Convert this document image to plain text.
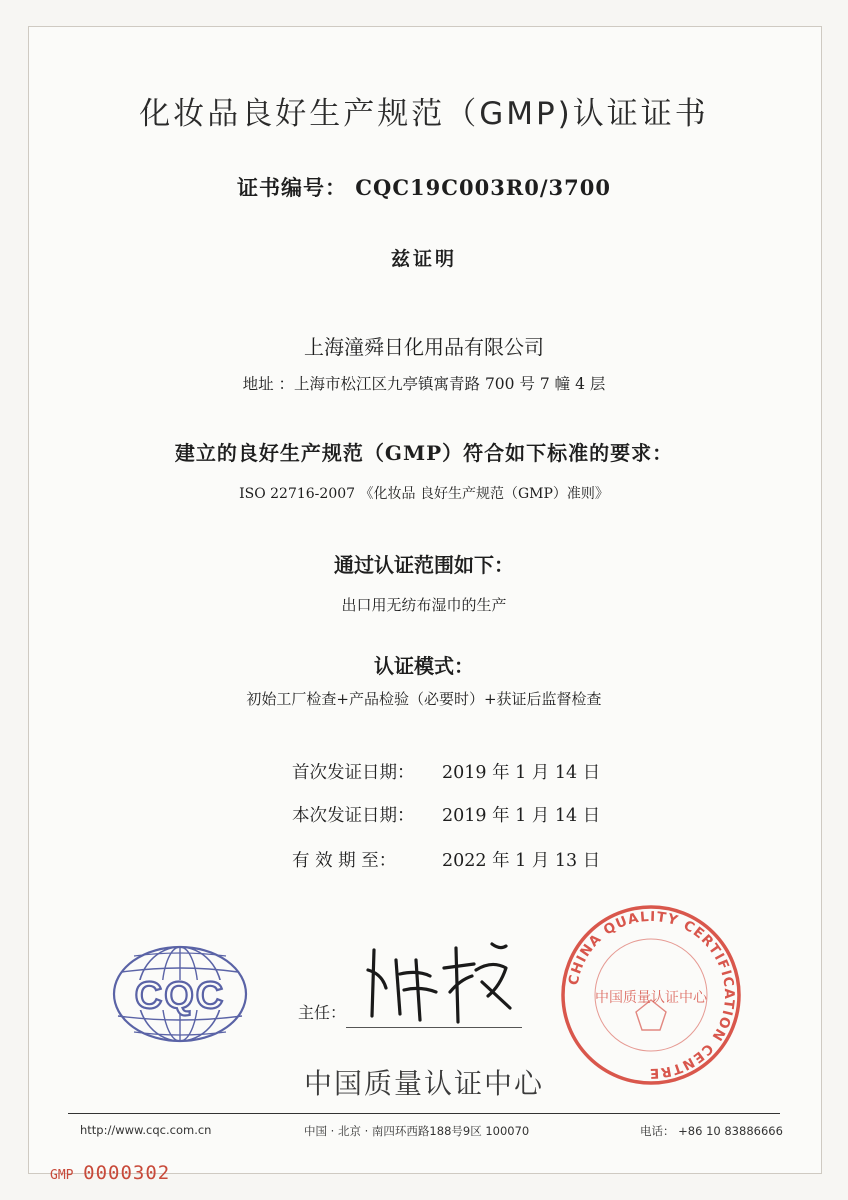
化妆品良好生产规范（GMP)认证证书
证书编号： CQC19C003R0/3700
兹证明
上海潼舜日化用品有限公司
地址 ：上海市松江区九亭镇寓青路 700 号 7 幢 4 层
建立的良好生产规范（GMP）符合如下标准的要求：
ISO 22716-2007 《化妆品 良好生产规范（GMP）准则》
通过认证范围如下：
出口用无纺布湿巾的生产
认证模式：
初始工厂检查+产品检验（必要时）+获证后监督检查
首次发证日期： 2019 年 1 月 14 日
本次发证日期： 2019 年 1 月 14 日
有 效 期 至：	2022 年 1 月 13 日
CQC	主任：
CHINA QUALITY CERTIFICATION CENTRE
中国质量认证中心
中国质量认证中心
http://www.cqc.com.cn	中国 · 北京 · 南四环西路188号9区 100070	电话： +86 10 83886666
GMP 0000302
